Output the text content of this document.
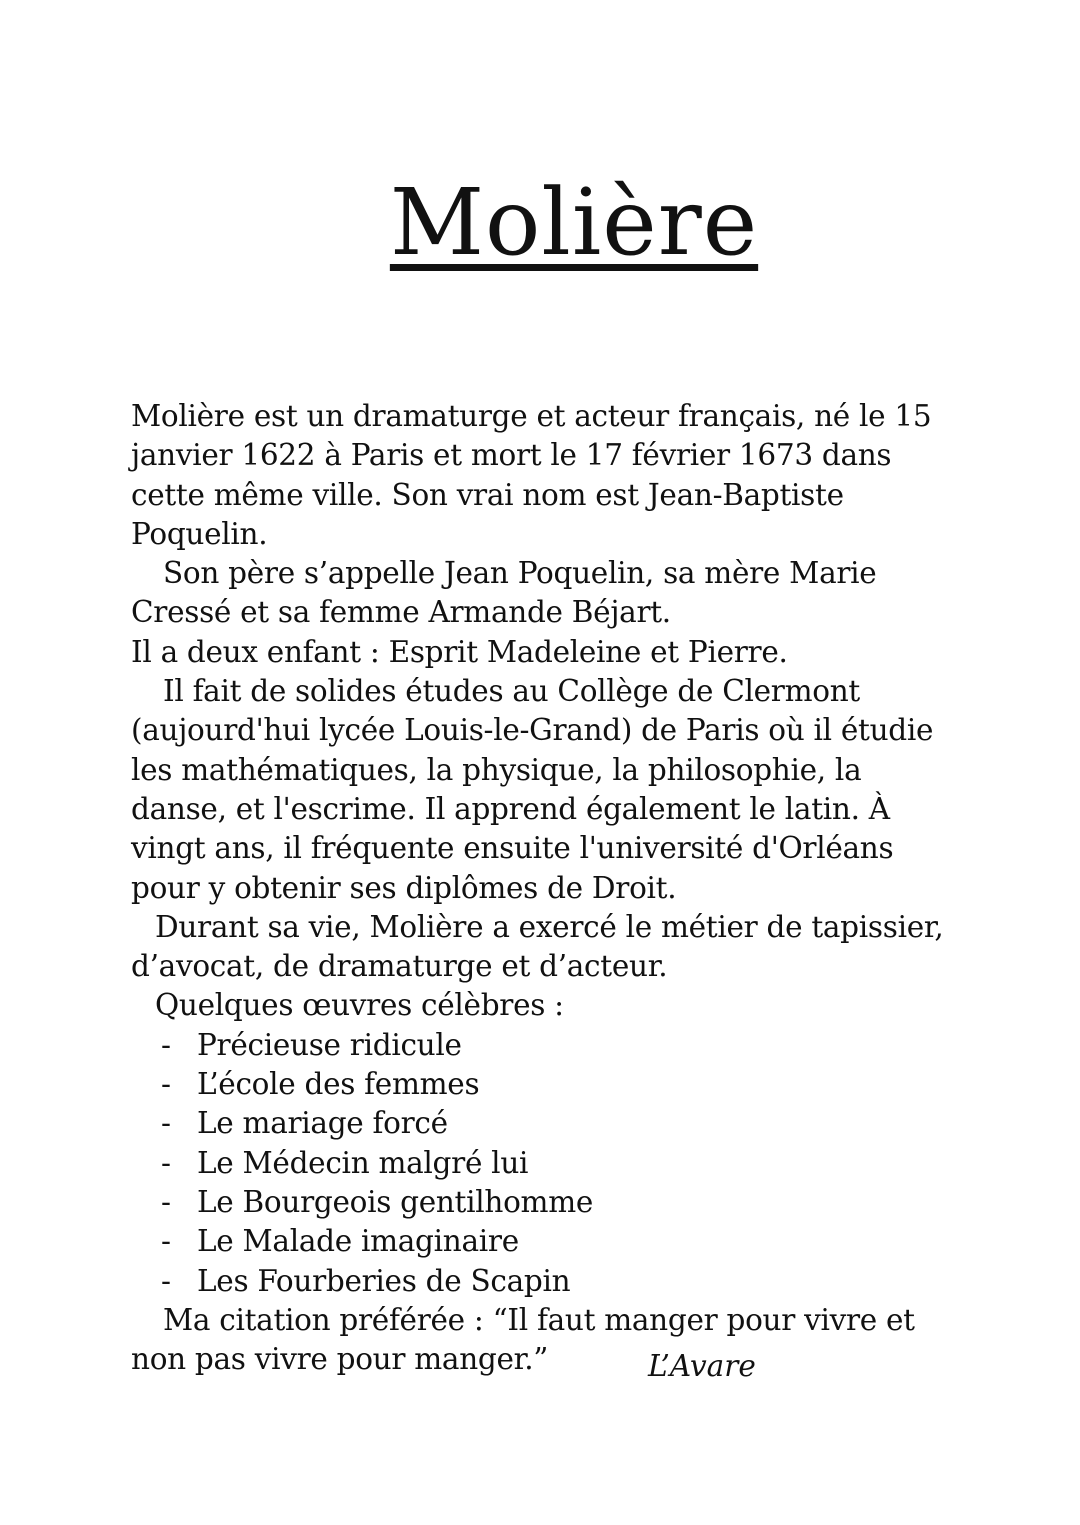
Molière

Molière est un dramaturge et acteur français, né le 15 janvier 1622 à Paris et mort le 17 février 1673 dans cette même ville. Son vrai nom est Jean-Baptiste Poquelin.

Son père s’appelle Jean Poquelin, sa mère Marie Cressé et sa femme Armande Béjart.

Il a deux enfant : Esprit Madeleine et Pierre.

Il fait de solides études au Collège de Clermont (aujourd'hui lycée Louis-le-Grand) de Paris où il étudie les mathématiques, la physique, la philosophie, la danse, et l'escrime. Il apprend également le latin. À vingt ans, il fréquente ensuite l'université d'Orléans pour y obtenir ses diplômes de Droit.

Durant sa vie, Molière a exercé le métier de tapissier, d’avocat, de dramaturge et d’acteur.

Quelques œuvres célèbres :

- Précieuse ridicule
- L’école des femmes
- Le mariage forcé
- Le Médecin malgré lui
- Le Bourgeois gentilhomme
- Le Malade imaginaire
- Les Fourberies de Scapin

Ma citation préférée : “Il faut manger pour vivre et non pas vivre pour manger.”	L’Avare
